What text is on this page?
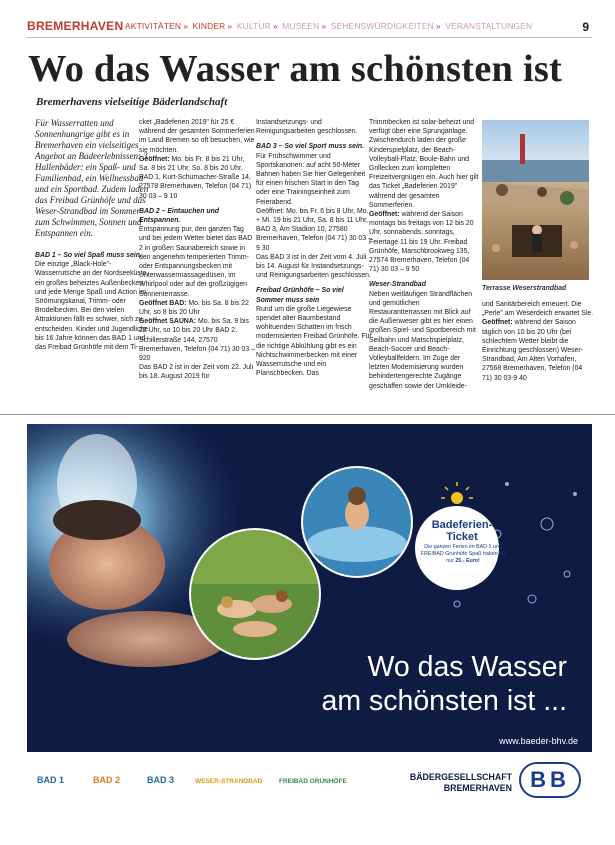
BREMERHAVEN AKTIVITÄTEN » KINDER » KULTUR » MUSEEN » SEHENSWÜRDIGKEITEN » VERANSTALTUNGEN	9
Wo das Wasser am schönsten ist
Bremerhavens vielseitige Bäderlandschaft

Für Wasserratten und Sonnenhungrige gibt es in Bremerhaven ein vielseitiges Angebot an Badeerlebnissen: 3 Hallenbäder: ein Spaß- und Familienbad, ein Wellnessbad und ein Sportbad. Zudem laden das Freibad Grünhöfe und das Weser-Strandbad im Sommer zum Schwimmen, Sonnen und Entspannen ein.

BAD 1 – So viel Spaß muss sein. Die einzige „Black-Hole"-Wasserrutsche an der Nordseeküste, ein großes beheiztes Außenbecken und jede Menge Spaß und Action im Strömungskanal, Trimm- oder Brodelbecken. Bei den vielen Attraktionen fällt es schwer, sich zu entscheiden. Kinder und Jugendliche bis 16 Jahre können das BAD 1 und das Freibad Grünhöfe mit dem Ti-

cket „Badeferien 2019" für 25 € während der gesamten Sommerferien im Land Bremen so oft besuchen, wie sie möchten.
Geöffnet: Mo. bis Fr. 8 bis 21 Uhr, Sa. 8 bis 21 Uhr, So. 8 bis 20 Uhr. BAD 1, Kurt-Schumacher-Straße 14, 27578 Bremerhaven, Telefon (04 71) 30 03 – 9 10

BAD 2 – Eintauchen und Entspannen.
Entspannung pur, den ganzen Tag und bei jedem Wetter bietet das BAD 2 in großen Saunabereich sowie in den angenehm temperierten Trimm- oder Entspannungsbecken mit Unterwassermassagedüsen, im Whirlpool oder auf der großzügigen Sonnenterrasse.
Geöffnet BAD: Mo. bis Sa. 8 bis 22 Uhr, so 8 bis 20 Uhr
Geöffnet SAUNA: Mo. bis Sa. 9 bis 22 Uhr, so 10 bis 20 Uhr BAD 2, Schillerstraße 144, 27570 Bremerhaven, Telefon (04 71) 30 03 – 920
Das BAD 2 ist in der Zeit vom 22. Juli bis 18. August 2019 für

Instandsetzungs- und Reinigungsarbeiten geschlossen.

BAD 3 – So viel Sport muss sein.
Für Frühschwimmer und Sportskanonen: auf acht 50-Meter Bahnen haben Sie hier Gelegenheit für einen frischen Start in den Tag oder eine Trainingseinheit zum Feierabend.
Geöffnet: Mo. bis Fr. 6 bis 8 Uhr, Mo. + Mi. 19 bis 21 Uhr, Sa. 8 bis 11 Uhr, BAD 3, Am Stadion 10, 27580 Bremerhaven, Telefon (04 71) 30 03 – 9 30
Das BAD 3 ist in der Zeit vom 4. Juli bis 14. August für Instandsetzungs- und Reinigungsarbeiten geschlossen.

Freibad Grünhöfe – So viel Sommer muss sein
Rund um die große Liegewiese spendet alter Baumbestand wohltuenden Schatten im frisch modernisierten Freibad Grünhöfe. Für die richtige Abkühlung gibt es ein Nichtschwimmerbecken mit einer Wasserrutsche und ein Planschbecken. Das

Trimmbecken ist solar-beheizt und verfügt über eine Sprunganlage. Zwischendurch laden der große Kinderspielplatz, der Beach-Volleyball-Platz, Boule-Bahn und Grillecken zum kompletten Freizeitvergnügen ein. Auch hier gilt das Ticket „Badeferien 2019" während der gesamten Sommerferien.
Geöffnet: während der Saison montags bis freitags von 12 bis 20 Uhr, sonnabends, sonntags, Feiertage 11 bis 19 Uhr. Freibad Grünhöfe, Marschbrookweg 135, 27574 Bremerhaven, Telefon (04 71) 30 03 – 9 50

Weser-Strandbad
Neben weitläufigen Strandflächen und gemütlichen Restaurantterrassen mit Blick auf die Außenweser gibt es hier einen großen Spiel- und Sportbereich mit Seilbahn und Matschspielplatz, Beach-Soccer und Beach-Volleyballfeldern. Im Zuge der letzten Modernisierung wurden behindertengerechte Zugänge geschaffen sowie der Umkleide-

Terrasse Weserstrandbad
und Sanitärbereich erneuert. Die „Perle" am Weserdeich erwartet Sie.
Geöffnet: während der Saison täglich von 10 bis 20 Uhr (bei schlechtem Wetter bleibt die Einrichtung geschlossen) Weser-Strandbad, Am Alten Vorhafen, 27568 Bremerhaven, Telefon (04 71) 30 03-9 40
Badeferien-
Ticket
Die ganzen Ferien im BAD 1 und FREIBAD Grünhöfe Spaß haben für nur 25,- Euro!
Wo das Wasser
am schönsten ist ...
www.baeder-bhv.de
BAD 1	BAD 2	BAD 3	WESER-STRANDBAD	FREIBAD GRÜNHÖFE	BÄDERGESELLSCHAFT
BREMERHAVEN BB
